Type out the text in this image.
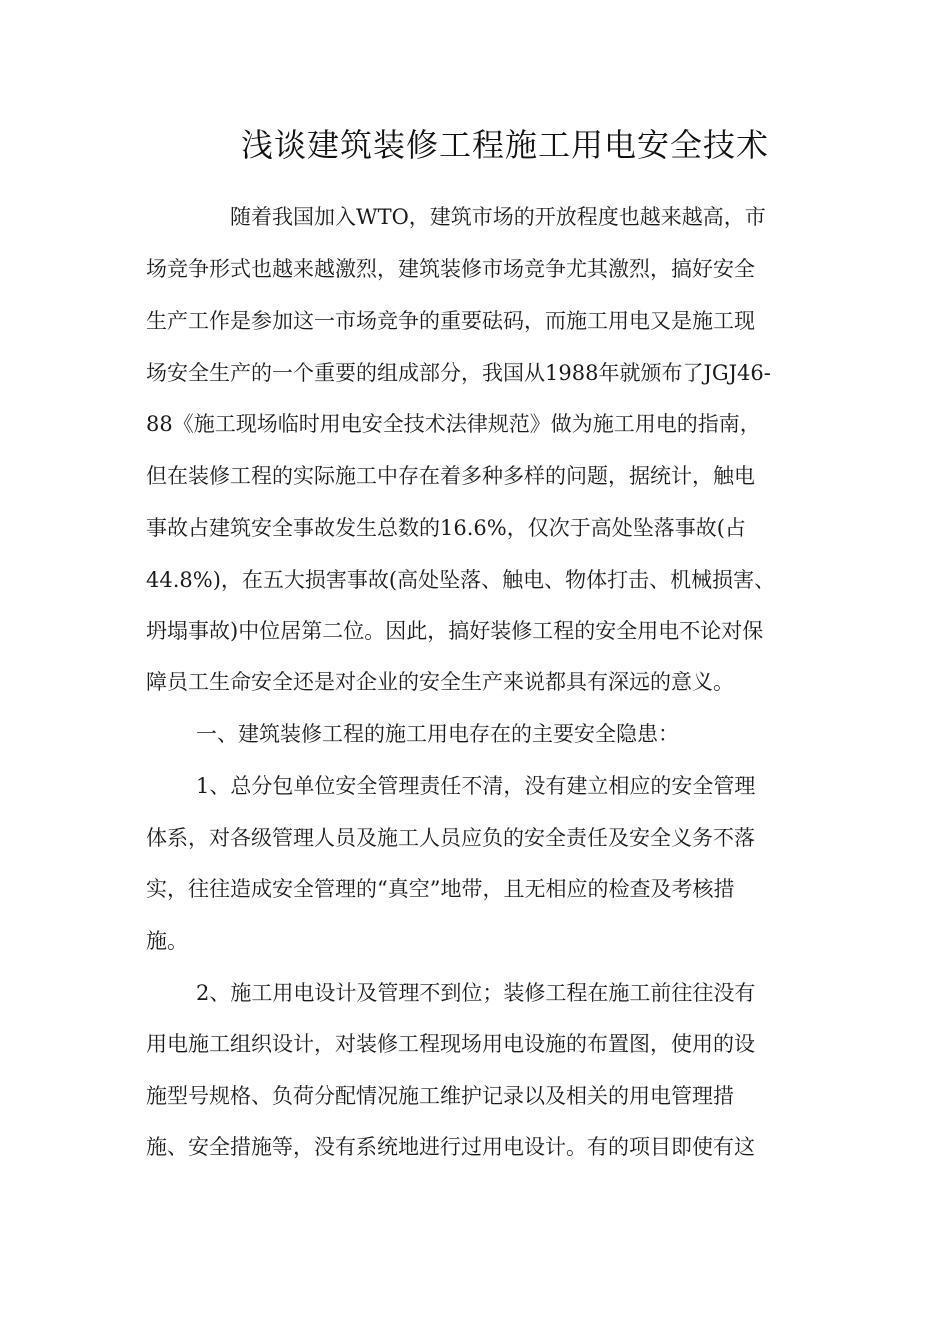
浅谈建筑装修工程施工用电安全技术
随着我国加入WTO，建筑市场的开放程度也越来越高，市
场竞争形式也越来越激烈，建筑装修市场竞争尤其激烈，搞好安全
生产工作是参加这一市场竞争的重要砝码，而施工用电又是施工现
场安全生产的一个重要的组成部分，我国从1988年就颁布了JGJ46-
88《施工现场临时用电安全技术法律规范》做为施工用电的指南，
但在装修工程的实际施工中存在着多种多样的问题，据统计，触电
事故占建筑安全事故发生总数的16.6%，仅次于高处坠落事故(占
44.8%)，在五大损害事故(高处坠落、触电、物体打击、机械损害、
坍塌事故)中位居第二位。因此，搞好装修工程的安全用电不论对保
障员工生命安全还是对企业的安全生产来说都具有深远的意义。
一、建筑装修工程的施工用电存在的主要安全隐患：
1、总分包单位安全管理责任不清，没有建立相应的安全管理
体系，对各级管理人员及施工人员应负的安全责任及安全义务不落
实，往往造成安全管理的“真空”地带，且无相应的检查及考核措
施。
2、施工用电设计及管理不到位；装修工程在施工前往往没有
用电施工组织设计，对装修工程现场用电设施的布置图，使用的设
施型号规格、负荷分配情况施工维护记录以及相关的用电管理措
施、安全措施等，没有系统地进行过用电设计。有的项目即使有这
